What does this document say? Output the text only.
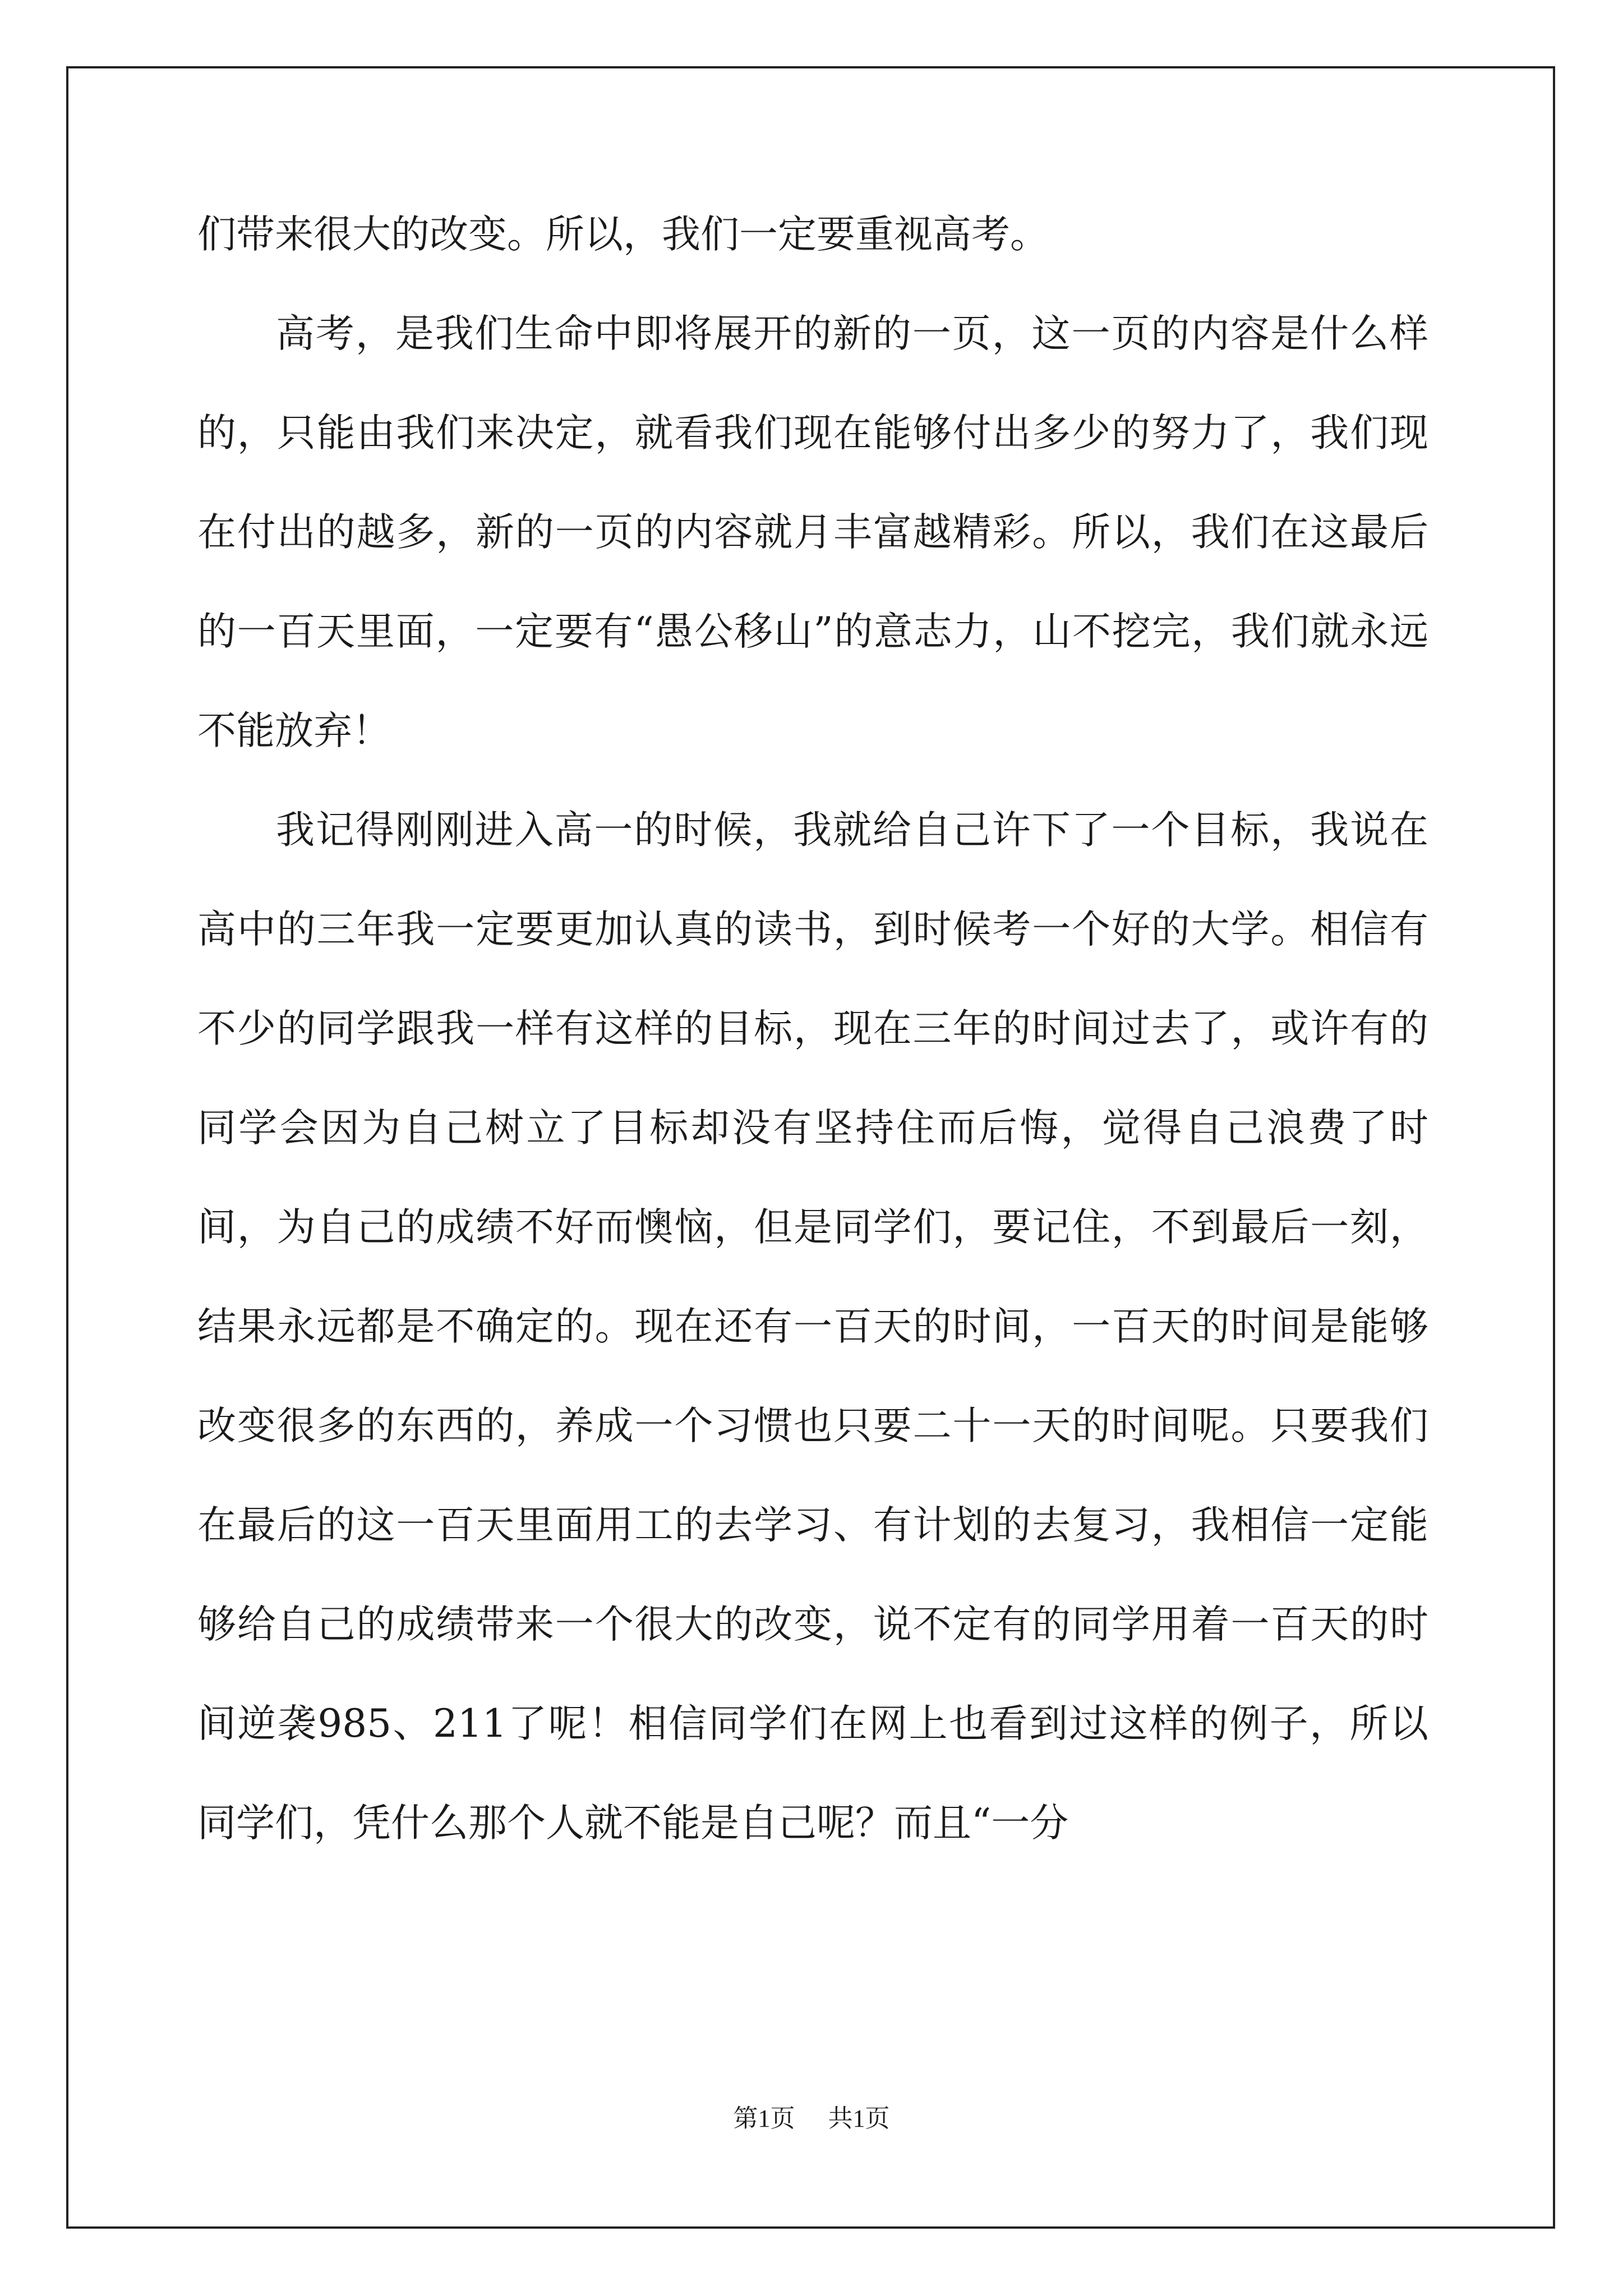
们带来很大的改变。所以，我们一定要重视高考。

高考，是我们生命中即将展开的新的一页，这一页的内容是什么样的，只能由我们来决定，就看我们现在能够付出多少的努力了，我们现在付出的越多，新的一页的内容就月丰富越精彩。所以，我们在这最后的一百天里面，一定要有“愚公移山”的意志力，山不挖完，我们就永远不能放弃！

我记得刚刚进入高一的时候，我就给自己许下了一个目标，我说在高中的三年我一定要更加认真的读书，到时候考一个好的大学。相信有不少的同学跟我一样有这样的目标，现在三年的时间过去了，或许有的同学会因为自己树立了目标却没有坚持住而后悔，觉得自己浪费了时间，为自己的成绩不好而懊恼，但是同学们，要记住，不到最后一刻，结果永远都是不确定的。现在还有一百天的时间，一百天的时间是能够改变很多的东西的，养成一个习惯也只要二十一天的时间呢。只要我们在最后的这一百天里面用工的去学习、有计划的去复习，我相信一定能够给自己的成绩带来一个很大的改变，说不定有的同学用着一百天的时间逆袭985、211了呢！相信同学们在网上也看到过这样的例子，所以同学们，凭什么那个人就不能是自己呢？而且“一分

第1页 共1页
